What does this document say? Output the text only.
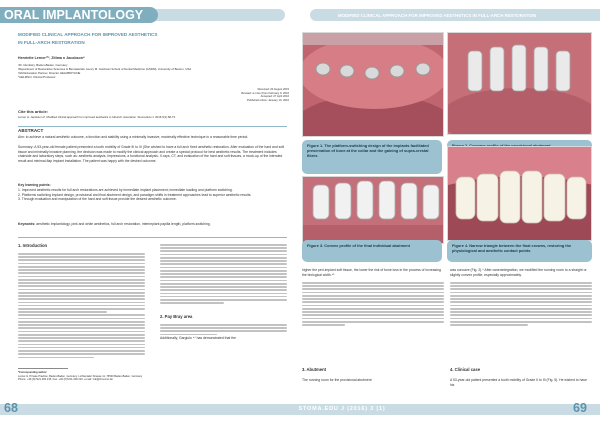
ORAL IMPLANTOLOGY
MODIFIED CLINICAL APPROACH FOR IMPROVED AESTHETICS
IN FULL-ARCH RESTORATION
Henriette Lerner¹²³, Zitima n Jacobson⁴
¹Dr. Dentistry, Baden-Baden, Germany
²Department of Restorative Sciences & Biomaterials, Henry M. Goldman School of Dental Medicine (GSDM), University of Boston, USA
³GM Education Partner, Director HELMBOTLINE
⁴HELMSO, Clinical Professor
Received: 20 August 2015
Revised: a more (from February 9, 2016
Accepted: 27 April 2016
Published online: January 10, 2016
Cite this article:
Lerner H, Jacobson Z. Modified clinical approach for improved aesthetics in full-arch restoration. Stoma Edu J. 2016;3(1):68-74.
ABSTRACT
Aim: to achieve a natural aesthetic outcome, a function and stability using a minimally invasive, maximally effective technique in a reasonable time period.
Summary: A 53-year-old female patient presented a tooth mobility of Grade III to III (She wished to have a full arch fixed aesthetic restoration. After evaluation of the hard and soft tissue and minimally invasive planning, the decision was made to modify the clinical approach and create a special protocol for best aesthetic results. The treatment includes chairside and laboratory steps, such as: aesthetic analysis, impressions, a functional analysis, X-rays, CT, and evaluation of the hard and soft tissues, a mock-up of the intended result and minimal-flap implant installation. The patient was happy with the desired outcome.
Key learning points:
1. Improved aesthetic results for full arch restorations are achieved by immediate implant placement; immediate loading and platform switching.
2. Platforms switching implant design, provisional and final abutment design, and paradigm shifts in treatment approaches lead to superior aesthetic results.
3. Through evaluation and manipulation of the hard and soft tissue provide the desired aesthetic outcome.
Keywords: aesthetic implantology, pink and white aesthetics, full arch restoration, interimplant papilla length, platform-switching.
1. Introduction
*Corresponding author:
Lerner H, Private Practice, Baden-Baden, Germany; Lichtentaler Strasse 11, 76530 Baden-Baden, Germany
Phone: +49 (0)7221-300 215, Fax: +49 (0)7221-300 216, e-mail: info@dr-lerner.de
2. Pay Bray area
Additionally, Gargiulo ⁴⁴ has demonstrated that the
68
MODIFIED CLINICAL APPROACH FOR IMPROVED AESTHETICS IN FULL-ARCH RESTORATION

Figure 1. The platform-switching design of the implants facilitated preservation of bone at the collar and the gaining of supra-crestal fibres

Figure 3. Convex profile of the final individual abutment	Figure 4. Narrow triangle between the final crowns, restoring the physiological and aesthetic contact points

higher the peri-implant soft tissue, the lower the risk of bone loss in the process of increasing the biological width.⁴⁵
3. Abutment
The running room for the provisional abutment
was concave (Fig. 2).⁹ After osseointegration, we modified the running room to a straight or slightly convex profile, especially approximately.
4. Clinical case
A 53-year-old patient presented a tooth mobility of Grade II to III (Fig. 5). He wished to have his
STOMA.EDU J (2016) 3 (1)	69
